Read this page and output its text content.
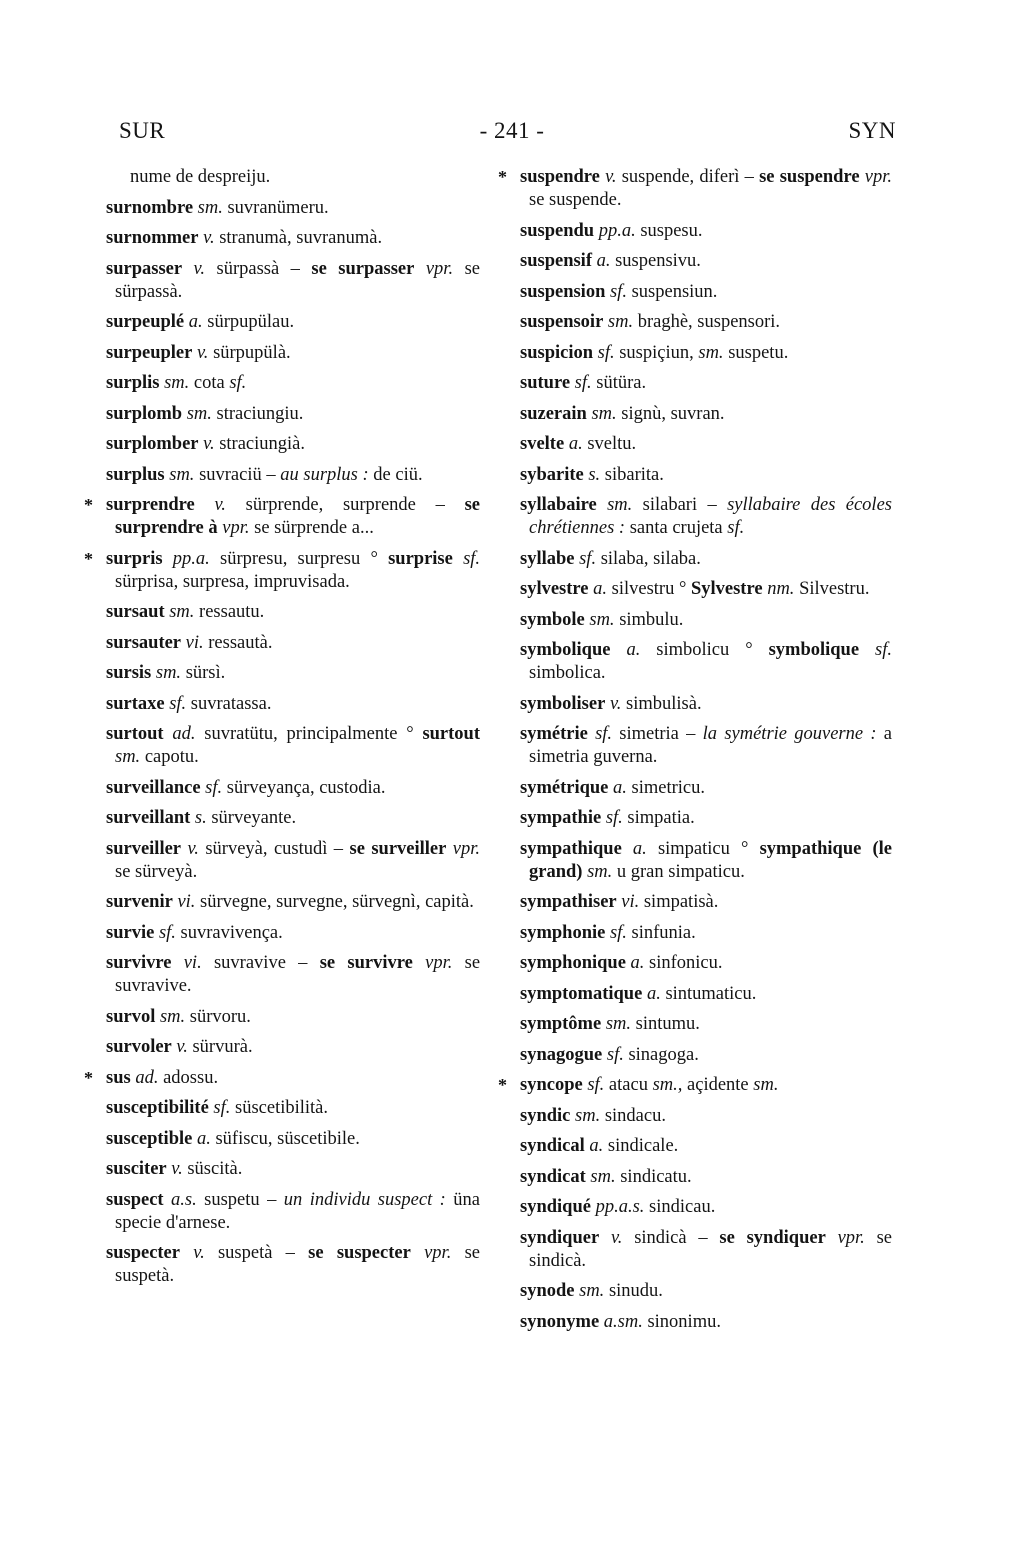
SUR	- 241 -	SYN
nume de despreiju.
surnombre sm. suvranümeru.
surnommer v. stranumà, suvranumà.
surpasser v. sürpassà – se surpasser vpr. se sürpassà.
surpeuplé a. sürpupülau.
surpeupler v. sürpupülà.
surplis sm. cota sf.
surplomb sm. straciungiu.
surplomber v. straciungià.
surplus sm. suvraciü – au surplus : de ciü.
* surprendre v. sürprende, surprende – se surprendre à vpr. se sürprende a...
* surpris pp.a. sürpresu, surpresu ° surprise sf. sürprisa, surpresa, impruvisada.
sursaut sm. ressautu.
sursauter vi. ressautà.
sursis sm. sürsì.
surtaxe sf. suvratassa.
surtout ad. suvratütu, principalmente ° surtout sm. capotu.
surveillance sf. sürveyança, custodia.
surveillant s. sürveyante.
surveiller v. sürveyà, custudì – se surveiller vpr. se sürveyà.
survenir vi. sürvegne, survegne, sürvegnì, capità.
survie sf. suvravivença.
survivre vi. suvravive – se survivre vpr. se suvravive.
survol sm. sürvoru.
survoler v. sürvurà.
* sus ad. adossu.
susceptibilité sf. süscetibilità.
susceptible a. süfiscu, süscetibile.
susciter v. süscità.
suspect a.s. suspetu – un individu suspect : üna specie d'arnese.
suspecter v. suspetà – se suspecter vpr. se suspetà.
* suspendre v. suspende, diferì – se suspendre vpr. se suspende.
suspendu pp.a. suspesu.
suspensif a. suspensivu.
suspension sf. suspensiun.
suspensoir sm. braghè, suspensori.
suspicion sf. suspiçiun, sm. suspetu.
suture sf. sütüra.
suzerain sm. signù, suvran.
svelte a. sveltu.
sybarite s. sibarita.
syllabaire sm. silabari – syllabaire des écoles chrétiennes : santa crujeta sf.
syllabe sf. silaba, silaba.
sylvestre a. silvestru ° Sylvestre nm. Silvestru.
symbole sm. simbulu.
symbolique a. simbolicu ° symbolique sf. simbolica.
symboliser v. simbulisà.
symétrie sf. simetria – la symétrie gouverne : a simetria guverna.
symétrique a. simetricu.
sympathie sf. simpatia.
sympathique a. simpaticu ° sympathique (le grand) sm. u gran simpaticu.
sympathiser vi. simpatisà.
symphonie sf. sinfunia.
symphonique a. sinfonicu.
symptomatique a. sintumaticu.
symptôme sm. sintumu.
synagogue sf. sinagoga.
* syncope sf. atacu sm., açidente sm.
syndic sm. sindacu.
syndical a. sindicale.
syndicat sm. sindicatu.
syndiqué pp.a.s. sindicau.
syndiquer v. sindicà – se syndiquer vpr. se sindicà.
synode sm. sinudu.
synonyme a.sm. sinonimu.
